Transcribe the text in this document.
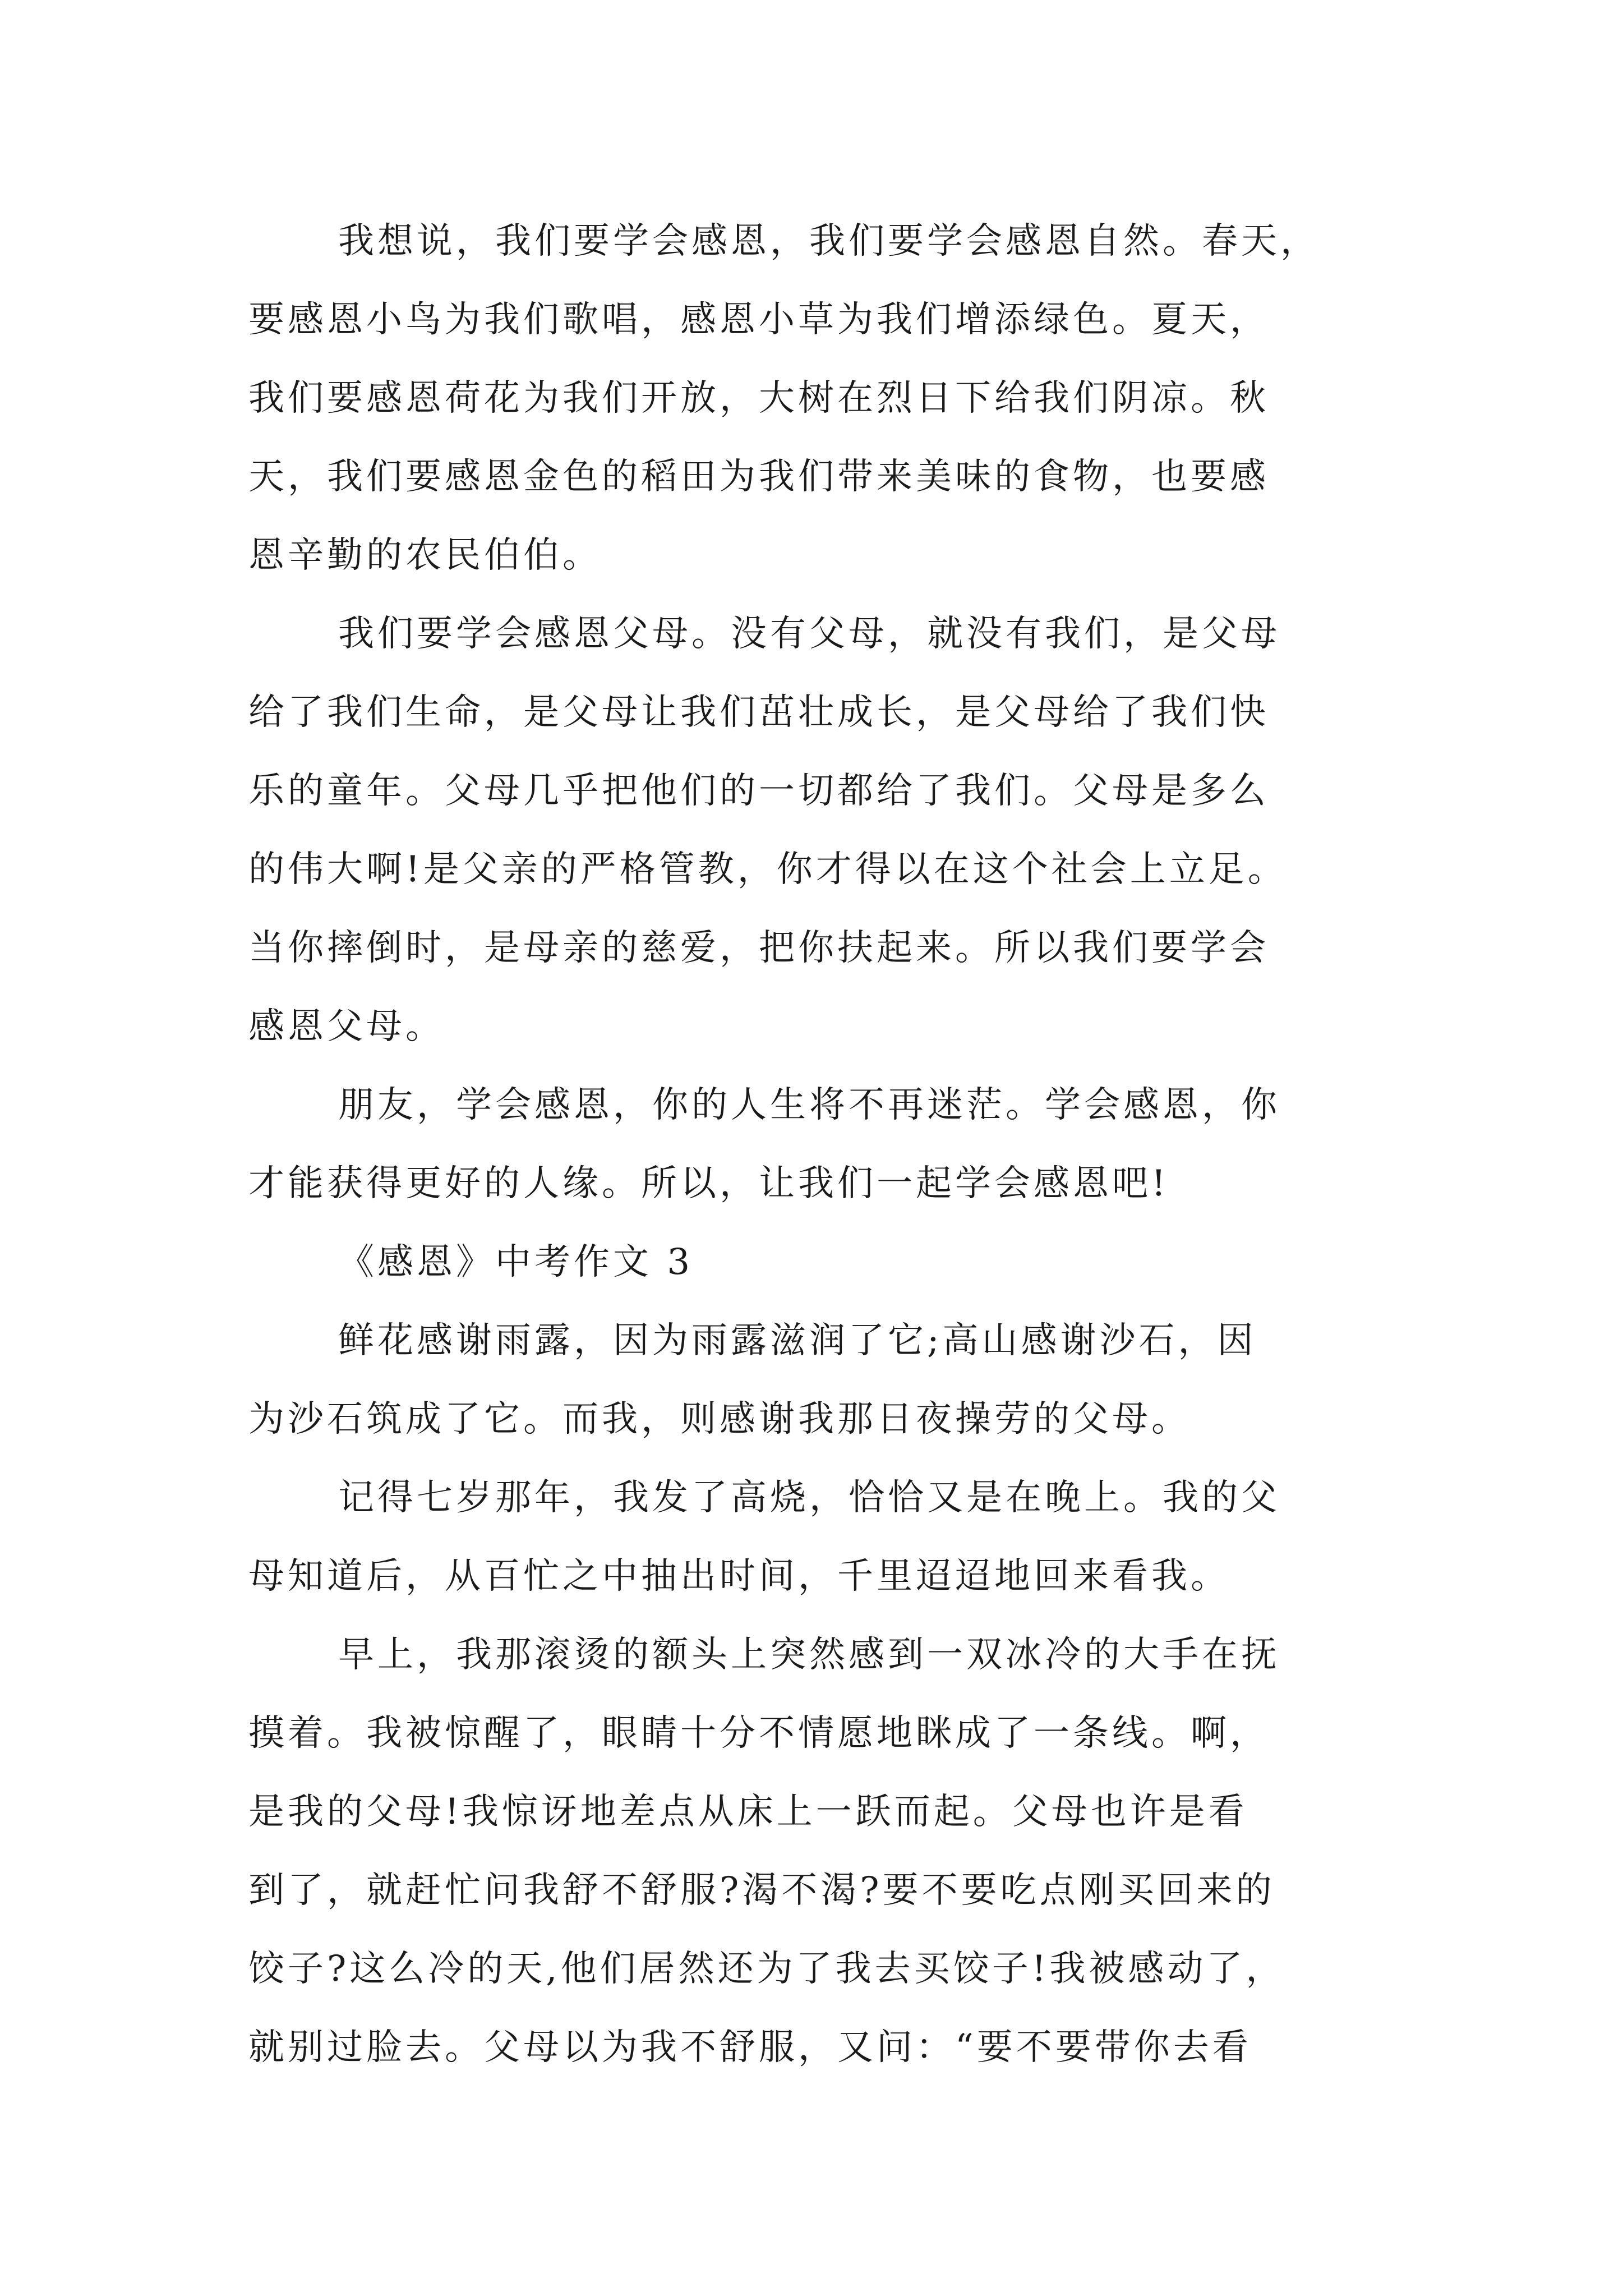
我想说，我们要学会感恩，我们要学会感恩自然。春天，
要感恩小鸟为我们歌唱，感恩小草为我们增添绿色。夏天，
我们要感恩荷花为我们开放，大树在烈日下给我们阴凉。秋
天，我们要感恩金色的稻田为我们带来美味的食物，也要感
恩辛勤的农民伯伯。
我们要学会感恩父母。没有父母，就没有我们，是父母
给了我们生命，是父母让我们茁壮成长，是父母给了我们快
乐的童年。父母几乎把他们的一切都给了我们。父母是多么
的伟大啊!是父亲的严格管教，你才得以在这个社会上立足。
当你摔倒时，是母亲的慈爱，把你扶起来。所以我们要学会
感恩父母。
朋友，学会感恩，你的人生将不再迷茫。学会感恩，你
才能获得更好的人缘。所以，让我们一起学会感恩吧!
《感恩》中考作文 3
鲜花感谢雨露，因为雨露滋润了它;高山感谢沙石，因
为沙石筑成了它。而我，则感谢我那日夜操劳的父母。
记得七岁那年，我发了高烧，恰恰又是在晚上。我的父
母知道后，从百忙之中抽出时间，千里迢迢地回来看我。
早上，我那滚烫的额头上突然感到一双冰冷的大手在抚
摸着。我被惊醒了，眼睛十分不情愿地眯成了一条线。啊，
是我的父母!我惊讶地差点从床上一跃而起。父母也许是看
到了，就赶忙问我舒不舒服?渴不渴?要不要吃点刚买回来的
饺子?这么冷的天,他们居然还为了我去买饺子!我被感动了，
就别过脸去。父母以为我不舒服，又问：“要不要带你去看
